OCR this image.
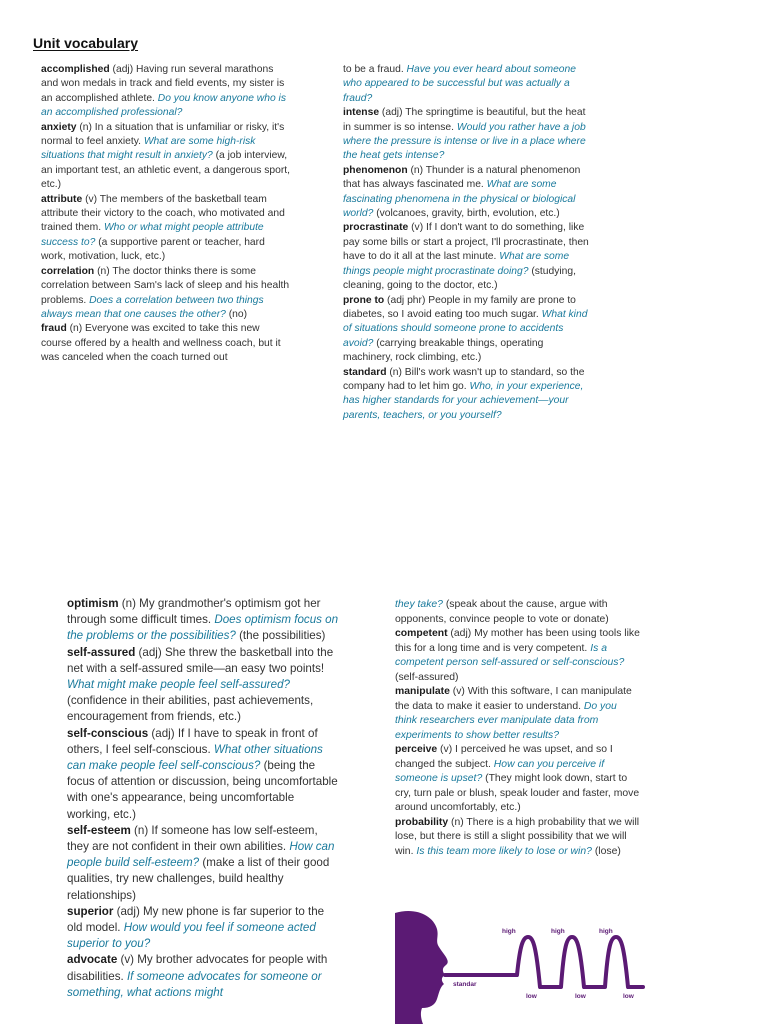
Unit vocabulary

accomplished (adj) Having run several marathons and won medals in track and field events, my sister is an accomplished athlete. Do you know anyone who is an accomplished professional?

anxiety (n) In a situation that is unfamiliar or risky, it's normal to feel anxiety. What are some high-risk situations that might result in anxiety? (a job interview, an important test, an athletic event, a dangerous sport, etc.)

attribute (v) The members of the basketball team attribute their victory to the coach, who motivated and trained them. Who or what might people attribute success to? (a supportive parent or teacher, hard work, motivation, luck, etc.)

correlation (n) The doctor thinks there is some correlation between Sam's lack of sleep and his health problems. Does a correlation between two things always mean that one causes the other? (no)

fraud (n) Everyone was excited to take this new course offered by a health and wellness coach, but it was canceled when the coach turned out

to be a fraud. Have you ever heard about someone who appeared to be successful but was actually a fraud?

intense (adj) The springtime is beautiful, but the heat in summer is so intense. Would you rather have a job where the pressure is intense or live in a place where the heat gets intense?

phenomenon (n) Thunder is a natural phenomenon that has always fascinated me. What are some fascinating phenomena in the physical or biological world? (volcanoes, gravity, birth, evolution, etc.)

procrastinate (v) If I don't want to do something, like pay some bills or start a project, I'll procrastinate, then have to do it all at the last minute. What are some things people might procrastinate doing? (studying, cleaning, going to the doctor, etc.)

prone to (adj phr) People in my family are prone to diabetes, so I avoid eating too much sugar. What kind of situations should someone prone to accidents avoid? (carrying breakable things, operating machinery, rock climbing, etc.)

standard (n) Bill's work wasn't up to standard, so the company had to let him go. Who, in your experience, has higher standards for your achievement—your parents, teachers, or you yourself?

optimism (n) My grandmother's optimism got her through some difficult times. Does optimism focus on the problems or the possibilities? (the possibilities)

self-assured (adj) She threw the basketball into the net with a self-assured smile—an easy two points! What might make people feel self-assured? (confidence in their abilities, past achievements, encouragement from friends, etc.)

self-conscious (adj) If I have to speak in front of others, I feel self-conscious. What other situations can make people feel self-conscious? (being the focus of attention or discussion, being uncomfortable with one's appearance, being uncomfortable working, etc.)

self-esteem (n) If someone has low self-esteem, they are not confident in their own abilities. How can people build self-esteem? (make a list of their good qualities, try new challenges, build healthy relationships)

superior (adj) My new phone is far superior to the old model. How would you feel if someone acted superior to you?

advocate (v) My brother advocates for people with disabilities. If someone advocates for someone or something, what actions might

they take? (speak about the cause, argue with opponents, convince people to vote or donate)

competent (adj) My mother has been using tools like this for a long time and is very competent. Is a competent person self-assured or self-conscious? (self-assured)

manipulate (v) With this software, I can manipulate the data to make it easier to understand. Do you think researchers ever manipulate data from experiments to show better results?

perceive (v) I perceived he was upset, and so I changed the subject. How can you perceive if someone is upset? (They might look down, start to cry, turn pale or blush, speak louder and faster, move around uncomfortably, etc.)

probability (n) There is a high probability that we will lose, but there is still a slight possibility that we will win. Is this team more likely to lose or win? (lose)

standar
high	high	high
low	low	low
